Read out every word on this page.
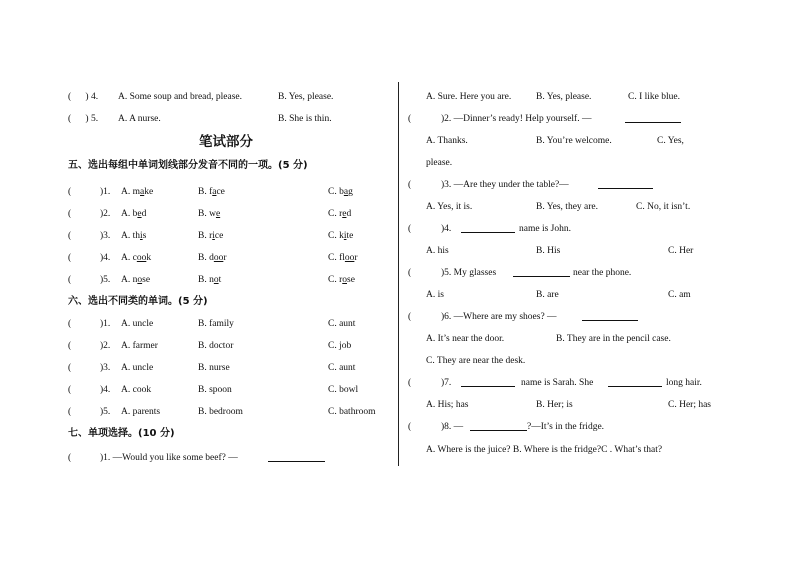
(      ) 4. A. Some soup and bread, please.	B. Yes, please.
(      ) 5. A. A nurse.	B. She is thin.
笔试部分
五、选出每组中单词划线部分发音不同的一项。(5 分)
(	)1. A. make	B. face	C. bag
(	)2. A. bed	B. we	C. red
(	)3. A. this	B. rice	C. kite
(	)4. A. cook	B. door	C. floor
(	)5. A. nose	B. not	C. rose
六、选出不同类的单词。(5 分)
(	)1. A. uncle	B. family	C. aunt
(	)2. A. farmer	B. doctor	C. job
(	)3. A. uncle	B. nurse	C. aunt
(	)4. A. cook	B. spoon	C. bowl
(	)5. A. parents	B. bedroom	C. bathroom
七、单项选择。(10 分)
(	)1. —Would you like some beef? —
A. Sure. Here you are.	B. Yes, please.	C. I like blue.
(	)2. —Dinner’s ready! Help yourself. —
A. Thanks.	B. You’re welcome.	C. Yes,
please.
(	)3. —Are they under the table?—
A. Yes, it is.	B. Yes, they are.	C. No, it isn’t.
(	)4.	name is John.
A. his	B. His	C. Her
(	)5. My glasses	near the phone.
A. is	B. are	C. am
(	)6. —Where are my shoes? —
A. It’s near the door.	B. They are in the pencil case.
C. They are near the desk.
(	)7.	name is Sarah. She	long hair.
A. His; has	B. Her; is	C. Her; has
(	)8. —	?—It’s in the fridge.
A. Where is the juice? B. Where is the fridge?C . What’s that?
